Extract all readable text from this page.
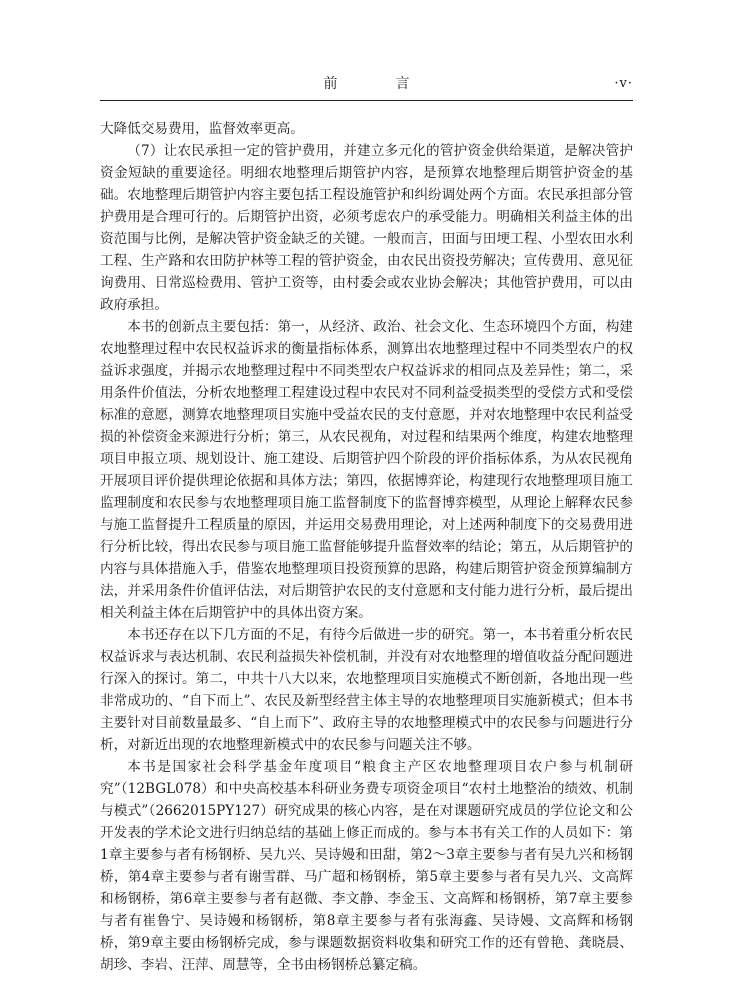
前　言	·v·

大降低交易费用，监督效率更高。

（7）让农民承担一定的管护费用，并建立多元化的管护资金供给渠道，是解决管护资金短缺的重要途径。明细农地整理后期管护内容，是预算农地整理后期管护资金的基础。农地整理后期管护内容主要包括工程设施管护和纠纷调处两个方面。农民承担部分管护费用是合理可行的。后期管护出资，必须考虑农户的承受能力。明确相关利益主体的出资范围与比例，是解决管护资金缺乏的关键。一般而言，田面与田埂工程、小型农田水利工程、生产路和农田防护林等工程的管护资金，由农民出资投劳解决；宣传费用、意见征询费用、日常巡检费用、管护工资等，由村委会或农业协会解决；其他管护费用，可以由政府承担。

本书的创新点主要包括：第一，从经济、政治、社会文化、生态环境四个方面，构建农地整理过程中农民权益诉求的衡量指标体系，测算出农地整理过程中不同类型农户的权益诉求强度，并揭示农地整理过程中不同类型农户权益诉求的相同点及差异性；第二，采用条件价值法，分析农地整理工程建设过程中农民对不同利益受损类型的受偿方式和受偿标准的意愿，测算农地整理项目实施中受益农民的支付意愿，并对农地整理中农民利益受损的补偿资金来源进行分析；第三，从农民视角，对过程和结果两个维度，构建农地整理项目申报立项、规划设计、施工建设、后期管护四个阶段的评价指标体系，为从农民视角开展项目评价提供理论依据和具体方法；第四，依据博弈论，构建现行农地整理项目施工监理制度和农民参与农地整理项目施工监督制度下的监督博弈模型，从理论上解释农民参与施工监督提升工程质量的原因，并运用交易费用理论，对上述两种制度下的交易费用进行分析比较，得出农民参与项目施工监督能够提升监督效率的结论；第五，从后期管护的内容与具体措施入手，借鉴农地整理项目投资预算的思路，构建后期管护资金预算编制方法，并采用条件价值评估法，对后期管护农民的支付意愿和支付能力进行分析，最后提出相关利益主体在后期管护中的具体出资方案。

本书还存在以下几方面的不足，有待今后做进一步的研究。第一，本书着重分析农民权益诉求与表达机制、农民利益损失补偿机制，并没有对农地整理的增值收益分配问题进行深入的探讨。第二，中共十八大以来，农地整理项目实施模式不断创新，各地出现一些非常成功的、“自下而上”、农民及新型经营主体主导的农地整理项目实施新模式；但本书主要针对目前数量最多、“自上而下”、政府主导的农地整理模式中的农民参与问题进行分析，对新近出现的农地整理新模式中的农民参与问题关注不够。

本书是国家社会科学基金年度项目“粮食主产区农地整理项目农户参与机制研究”（12BGL078）和中央高校基本科研业务费专项资金项目“农村土地整治的绩效、机制与模式”（2662015PY127）研究成果的核心内容，是在对课题研究成员的学位论文和公开发表的学术论文进行归纳总结的基础上修正而成的。参与本书有关工作的人员如下：第1章主要参与者有杨钢桥、吴九兴、吴诗嫚和田甜，第2～3章主要参与者有吴九兴和杨钢桥，第4章主要参与者有谢雪群、马广超和杨钢桥，第5章主要参与者有吴九兴、文高辉和杨钢桥，第6章主要参与者有赵微、李文静、李金玉、文高辉和杨钢桥，第7章主要参与者有崔鲁宁、吴诗嫚和杨钢桥，第8章主要参与者有张海鑫、吴诗嫚、文高辉和杨钢桥，第9章主要由杨钢桥完成，参与课题数据资料收集和研究工作的还有曾艳、龚晓晨、胡珍、李岩、汪萍、周慧等，全书由杨钢桥总纂定稿。
